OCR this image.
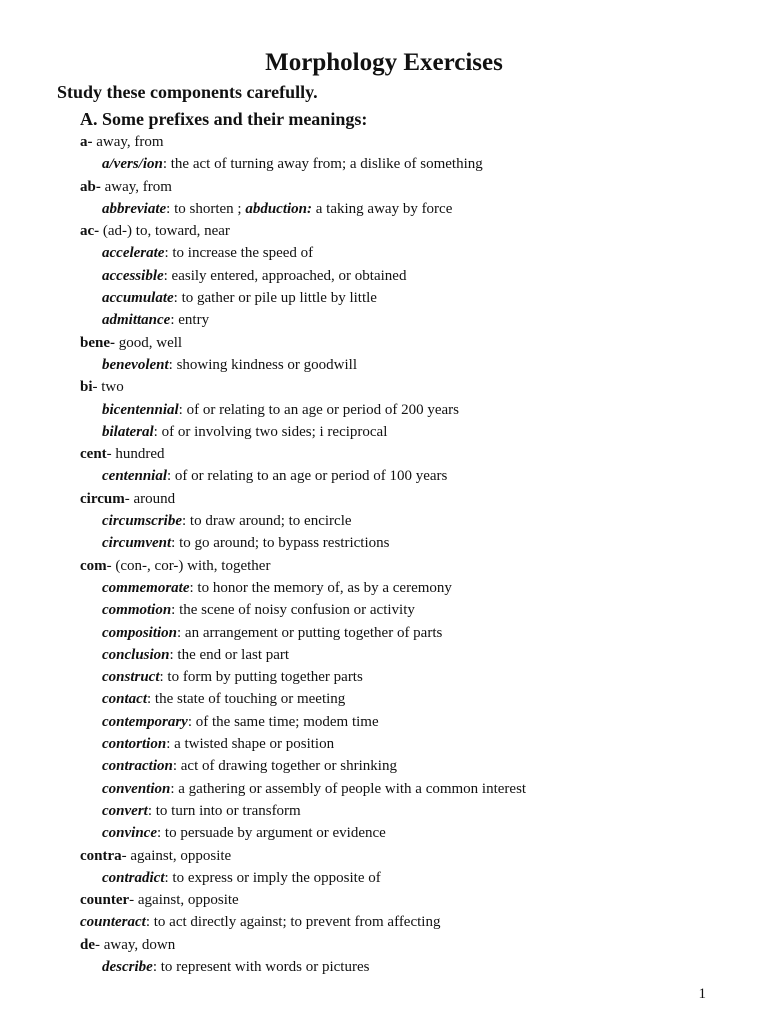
Morphology Exercises
Study these components carefully.
A. Some prefixes and their meanings:
a- away, from
a/vers/ion: the act of turning away from; a dislike of something
ab- away, from
abbreviate: to shorten ; abduction: a taking away by force
ac- (ad-) to, toward, near
accelerate: to increase the speed of
accessible: easily entered, approached, or obtained
accumulate: to gather or pile up little by little
admittance: entry
bene- good, well
benevolent: showing kindness or goodwill
bi- two
bicentennial: of or relating to an age or period of 200 years
bilateral: of or involving two sides; i reciprocal
cent- hundred
centennial: of or relating to an age or period of 100 years
circum- around
circumscribe: to draw around; to encircle
circumvent: to go around; to bypass restrictions
com- (con-, cor-) with, together
commemorate: to honor the memory of, as by a ceremony
commotion: the scene of noisy confusion or activity
composition: an arrangement or putting together of parts
conclusion: the end or last part
construct: to form by putting together parts
contact: the state of touching or meeting
contemporary: of the same time; modem time
contortion: a twisted shape or position
contraction: act of drawing together or shrinking
convention: a gathering or assembly of people with a common interest
convert: to turn into or transform
convince: to persuade by argument or evidence
contra- against, opposite
contradict: to express or imply the opposite of
counter- against, opposite
counteract: to act directly against; to prevent from affecting
de- away, down
describe: to represent with words or pictures
1
